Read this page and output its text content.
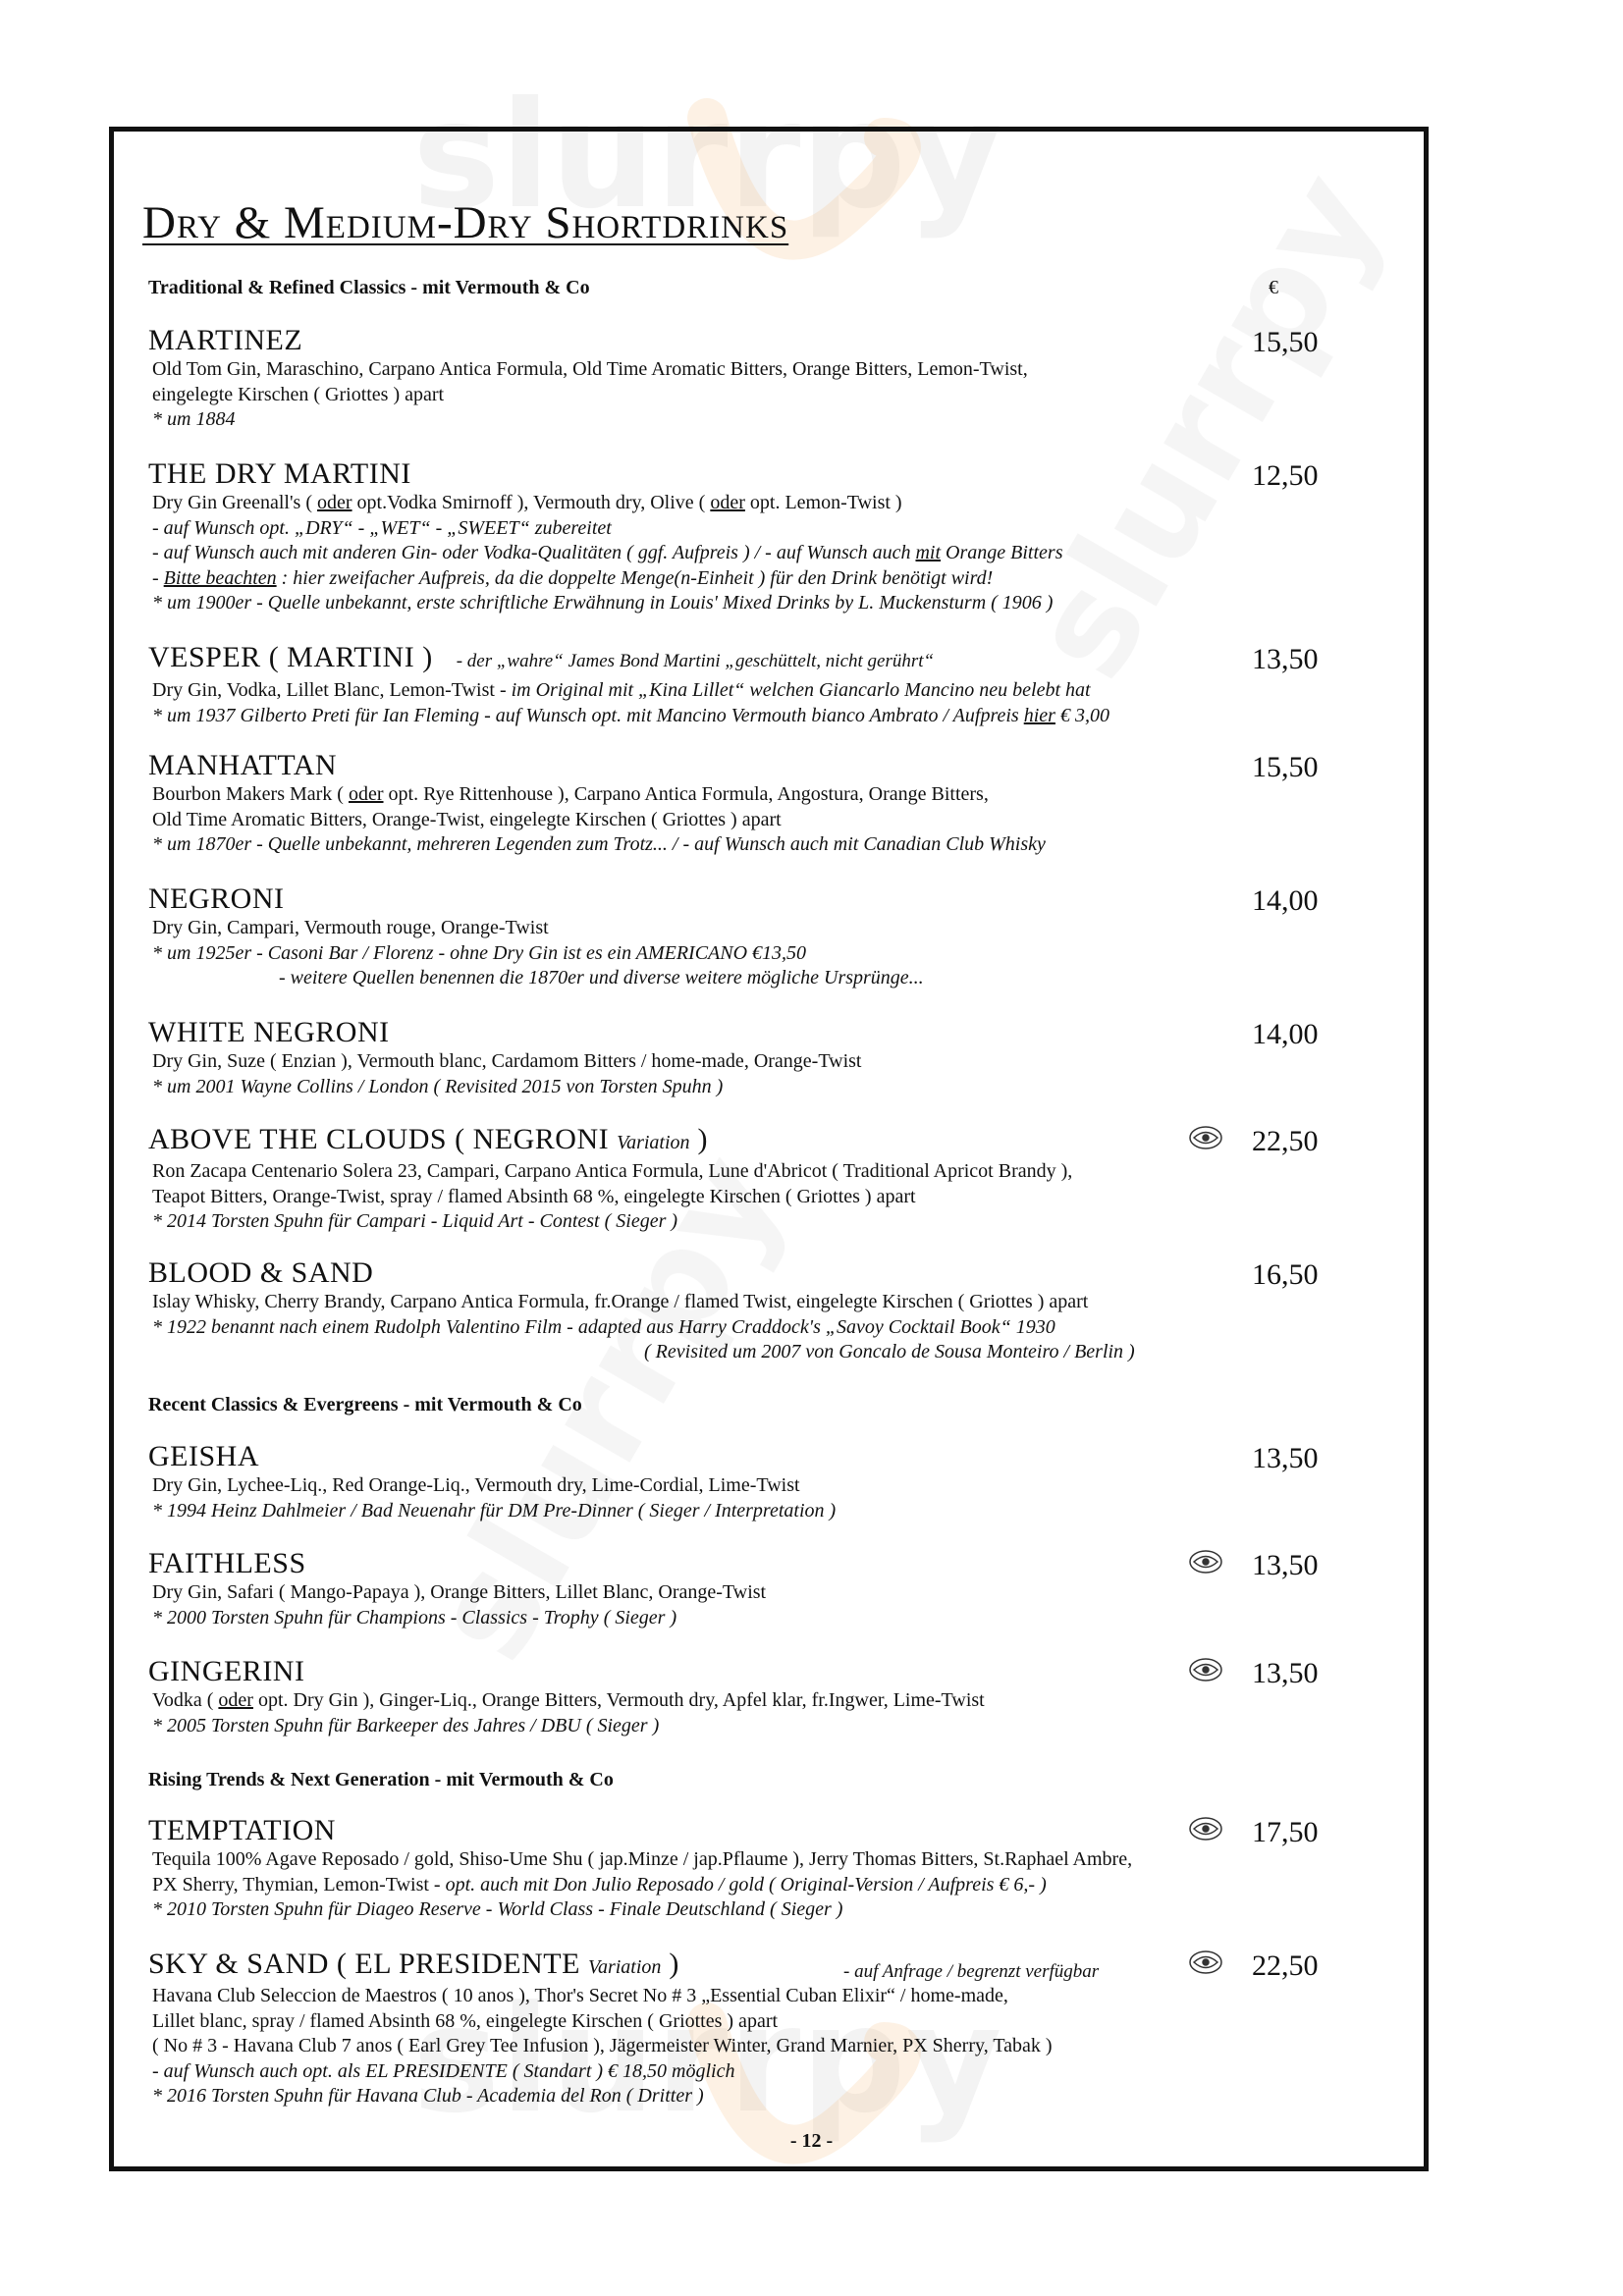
Dry & Medium-Dry Shortdrinks
Traditional & Refined Classics - mit Vermouth & Co	€
MARTINEZ
Old Tom Gin, Maraschino, Carpano Antica Formula, Old Time Aromatic Bitters, Orange Bitters, Lemon-Twist,
eingelegte Kirschen ( Griottes ) apart
* um 1884
15,50
THE DRY MARTINI
Dry Gin Greenall's ( oder opt.Vodka Smirnoff ), Vermouth dry, Olive ( oder opt. Lemon-Twist )
- auf Wunsch opt. „DRY“ - „WET“ - „SWEET“ zubereitet
- auf Wunsch auch mit anderen Gin- oder Vodka-Qualitäten ( ggf. Aufpreis ) / - auf Wunsch auch mit Orange Bitters
- Bitte beachten : hier zweifacher Aufpreis, da die doppelte Menge(n-Einheit ) für den Drink benötigt wird!
* um 1900er - Quelle unbekannt, erste schriftliche Erwähnung in Louis' Mixed Drinks by L. Muckensturm ( 1906 )
12,50
VESPER ( MARTINI ) - der „wahre“ James Bond Martini „geschüttelt, nicht gerührt“
Dry Gin, Vodka, Lillet Blanc, Lemon-Twist - im Original mit „Kina Lillet“ welchen Giancarlo Mancino neu belebt hat
* um 1937 Gilberto Preti für Ian Fleming - auf Wunsch opt. mit Mancino Vermouth bianco Ambrato / Aufpreis hier € 3,00
13,50
MANHATTAN
Bourbon Makers Mark ( oder opt. Rye Rittenhouse ), Carpano Antica Formula, Angostura, Orange Bitters,
Old Time Aromatic Bitters, Orange-Twist, eingelegte Kirschen ( Griottes ) apart
* um 1870er - Quelle unbekannt, mehreren Legenden zum Trotz... / - auf Wunsch auch mit Canadian Club Whisky
15,50
NEGRONI
Dry Gin, Campari, Vermouth rouge, Orange-Twist
* um 1925er - Casoni Bar / Florenz - ohne Dry Gin ist es ein AMERICANO €13,50
- weitere Quellen benennen die 1870er und diverse weitere mögliche Ursprünge...
14,00
WHITE NEGRONI
Dry Gin, Suze ( Enzian ), Vermouth blanc, Cardamom Bitters / home-made, Orange-Twist
* um 2001 Wayne Collins / London ( Revisited 2015 von Torsten Spuhn )
14,00
ABOVE THE CLOUDS ( NEGRONI Variation )
Ron Zacapa Centenario Solera 23, Campari, Carpano Antica Formula, Lune d'Abricot ( Traditional Apricot Brandy ),
Teapot Bitters, Orange-Twist, spray / flamed Absinth 68 %, eingelegte Kirschen ( Griottes ) apart
* 2014 Torsten Spuhn für Campari - Liquid Art - Contest ( Sieger )
22,50
BLOOD & SAND
Islay Whisky, Cherry Brandy, Carpano Antica Formula, fr.Orange / flamed Twist, eingelegte Kirschen ( Griottes ) apart
* 1922 benannt nach einem Rudolph Valentino Film - adapted aus Harry Craddock's „Savoy Cocktail Book“ 1930
( Revisited um 2007 von Goncalo de Sousa Monteiro / Berlin )
16,50
Recent Classics & Evergreens - mit Vermouth & Co
GEISHA
Dry Gin, Lychee-Liq., Red Orange-Liq., Vermouth dry, Lime-Cordial, Lime-Twist
* 1994 Heinz Dahlmeier / Bad Neuenahr für DM Pre-Dinner ( Sieger / Interpretation )
13,50
FAITHLESS
Dry Gin, Safari ( Mango-Papaya ), Orange Bitters, Lillet Blanc, Orange-Twist
* 2000 Torsten Spuhn für Champions - Classics - Trophy ( Sieger )
13,50
GINGERINI
Vodka ( oder opt. Dry Gin ), Ginger-Liq., Orange Bitters, Vermouth dry, Apfel klar, fr.Ingwer, Lime-Twist
* 2005 Torsten Spuhn für Barkeeper des Jahres / DBU ( Sieger )
13,50
Rising Trends & Next Generation - mit Vermouth & Co
TEMPTATION
Tequila 100% Agave Reposado / gold, Shiso-Ume Shu ( jap.Minze / jap.Pflaume ), Jerry Thomas Bitters, St.Raphael Ambre,
PX Sherry, Thymian, Lemon-Twist - opt. auch mit Don Julio Reposado / gold ( Original-Version / Aufpreis € 6,- )
* 2010 Torsten Spuhn für Diageo Reserve - World Class - Finale Deutschland ( Sieger )
17,50
SKY & SAND ( EL PRESIDENTE Variation )	- auf Anfrage / begrenzt verfügbar
Havana Club Seleccion de Maestros ( 10 anos ), Thor's Secret No # 3 „Essential Cuban Elixir“ / home-made,
Lillet blanc, spray / flamed Absinth 68 %, eingelegte Kirschen ( Griottes ) apart
( No # 3 - Havana Club 7 anos ( Earl Grey Tee Infusion ), Jägermeister Winter, Grand Marnier, PX Sherry, Tabak )
- auf Wunsch auch opt. als EL PRESIDENTE ( Standart ) € 18,50 möglich
* 2016 Torsten Spuhn für Havana Club - Academia del Ron ( Dritter )
22,50
- 12 -
